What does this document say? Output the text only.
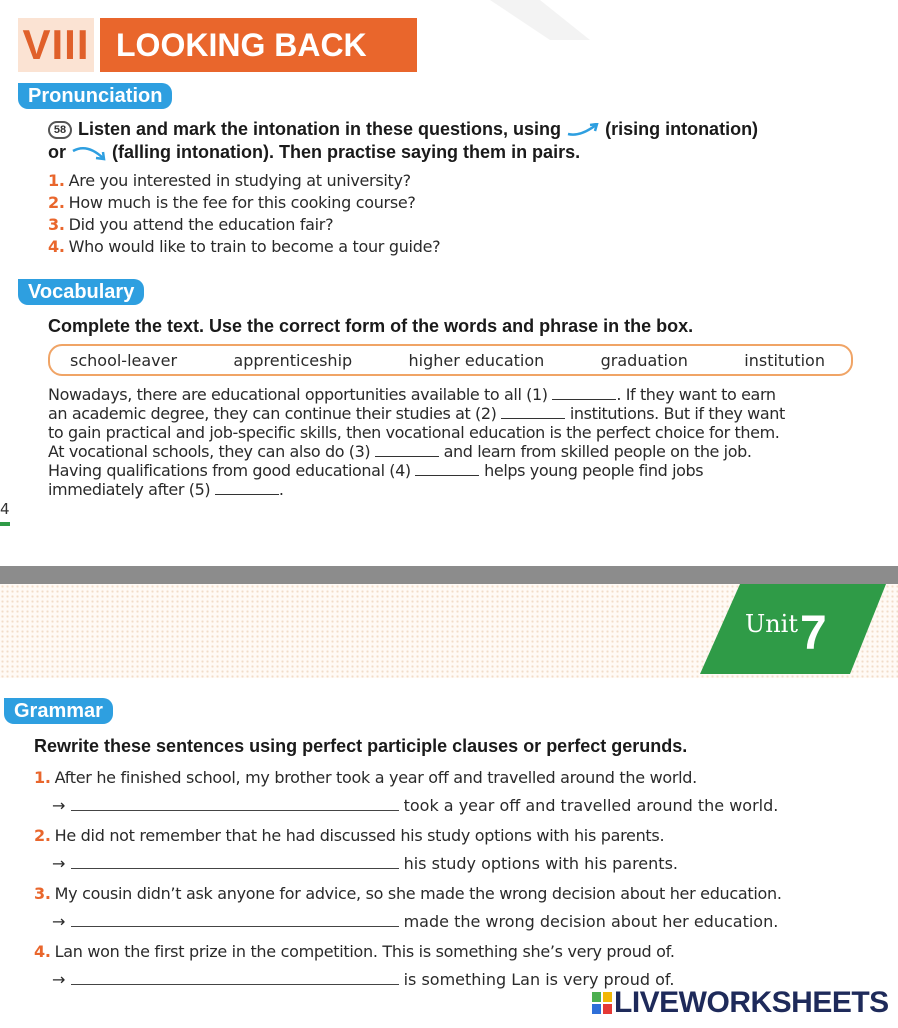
VIII LOOKING BACK
Pronunciation
58 Listen and mark the intonation in these questions, using (rising intonation)
or	(falling intonation). Then practise saying them in pairs.
1. Are you interested in studying at university?
2. How much is the fee for this cooking course?
3. Did you attend the education fair?
4. Who would like to train to become a tour guide?
Vocabulary
Complete the text. Use the correct form of the words and phrase in the box.
school-leaver	apprenticeship	higher education	graduation	institution
Nowadays, there are educational opportunities available to all (1)	. If they want to earn
an academic degree, they can continue their studies at (2)	institutions. But if they want
to gain practical and job-specific skills, then vocational education is the perfect choice for them.
At vocational schools, they can also do (3)	and learn from skilled people on the job.
Having qualifications from good educational (4)	helps young people find jobs
immediately after (5)	.
4
Unit 7
Grammar
Rewrite these sentences using perfect participle clauses or perfect gerunds.
1. After he finished school, my brother took a year off and travelled around the world.
→	took a year off and travelled around the world.
2. He did not remember that he had discussed his study options with his parents.
→	his study options with his parents.
3. My cousin didn’t ask anyone for advice, so she made the wrong decision about her education.
→	made the wrong decision about her education.
4. Lan won the first prize in the competition. This is something she’s very proud of.
→	is something Lan is very proud of.
LIVEWORKSHEETS
